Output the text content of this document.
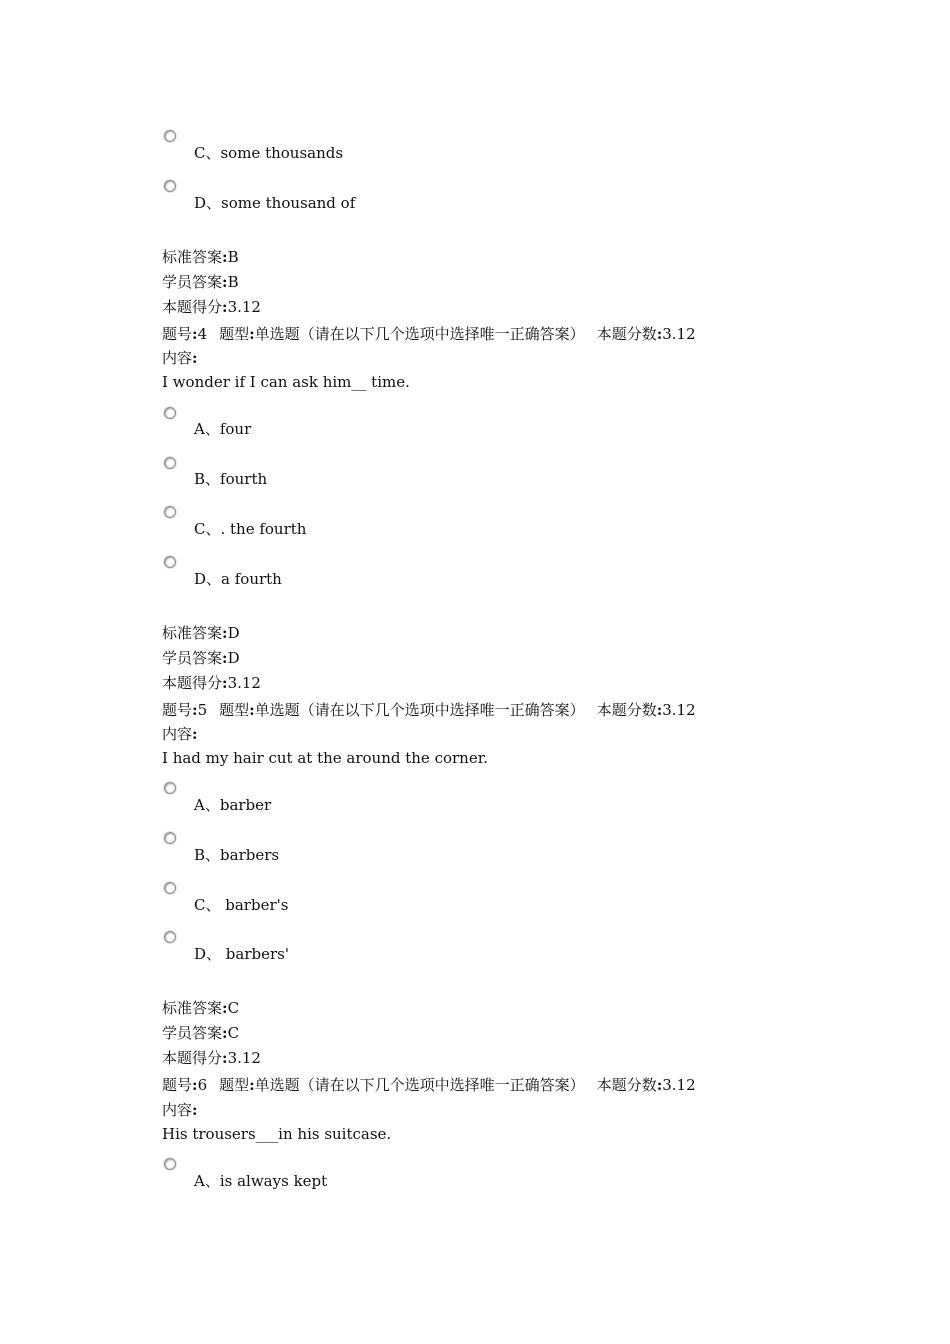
C、some thousands
D、some thousand of
标准答案:B
学员答案:B
本题得分:3.12
题号:4 题型:单选题（请在以下几个选项中选择唯一正确答案） 本题分数:3.12
内容:
I wonder if I can ask him__ time.
A、four
B、fourth
C、. the fourth
D、a fourth
标准答案:D
学员答案:D
本题得分:3.12
题号:5 题型:单选题（请在以下几个选项中选择唯一正确答案） 本题分数:3.12
内容:
I had my hair cut at the around the corner.
A、barber
B、barbers
C、 barber's
D、 barbers'
标准答案:C
学员答案:C
本题得分:3.12
题号:6 题型:单选题（请在以下几个选项中选择唯一正确答案） 本题分数:3.12
内容:
His trousers___in his suitcase.
A、is always kept
